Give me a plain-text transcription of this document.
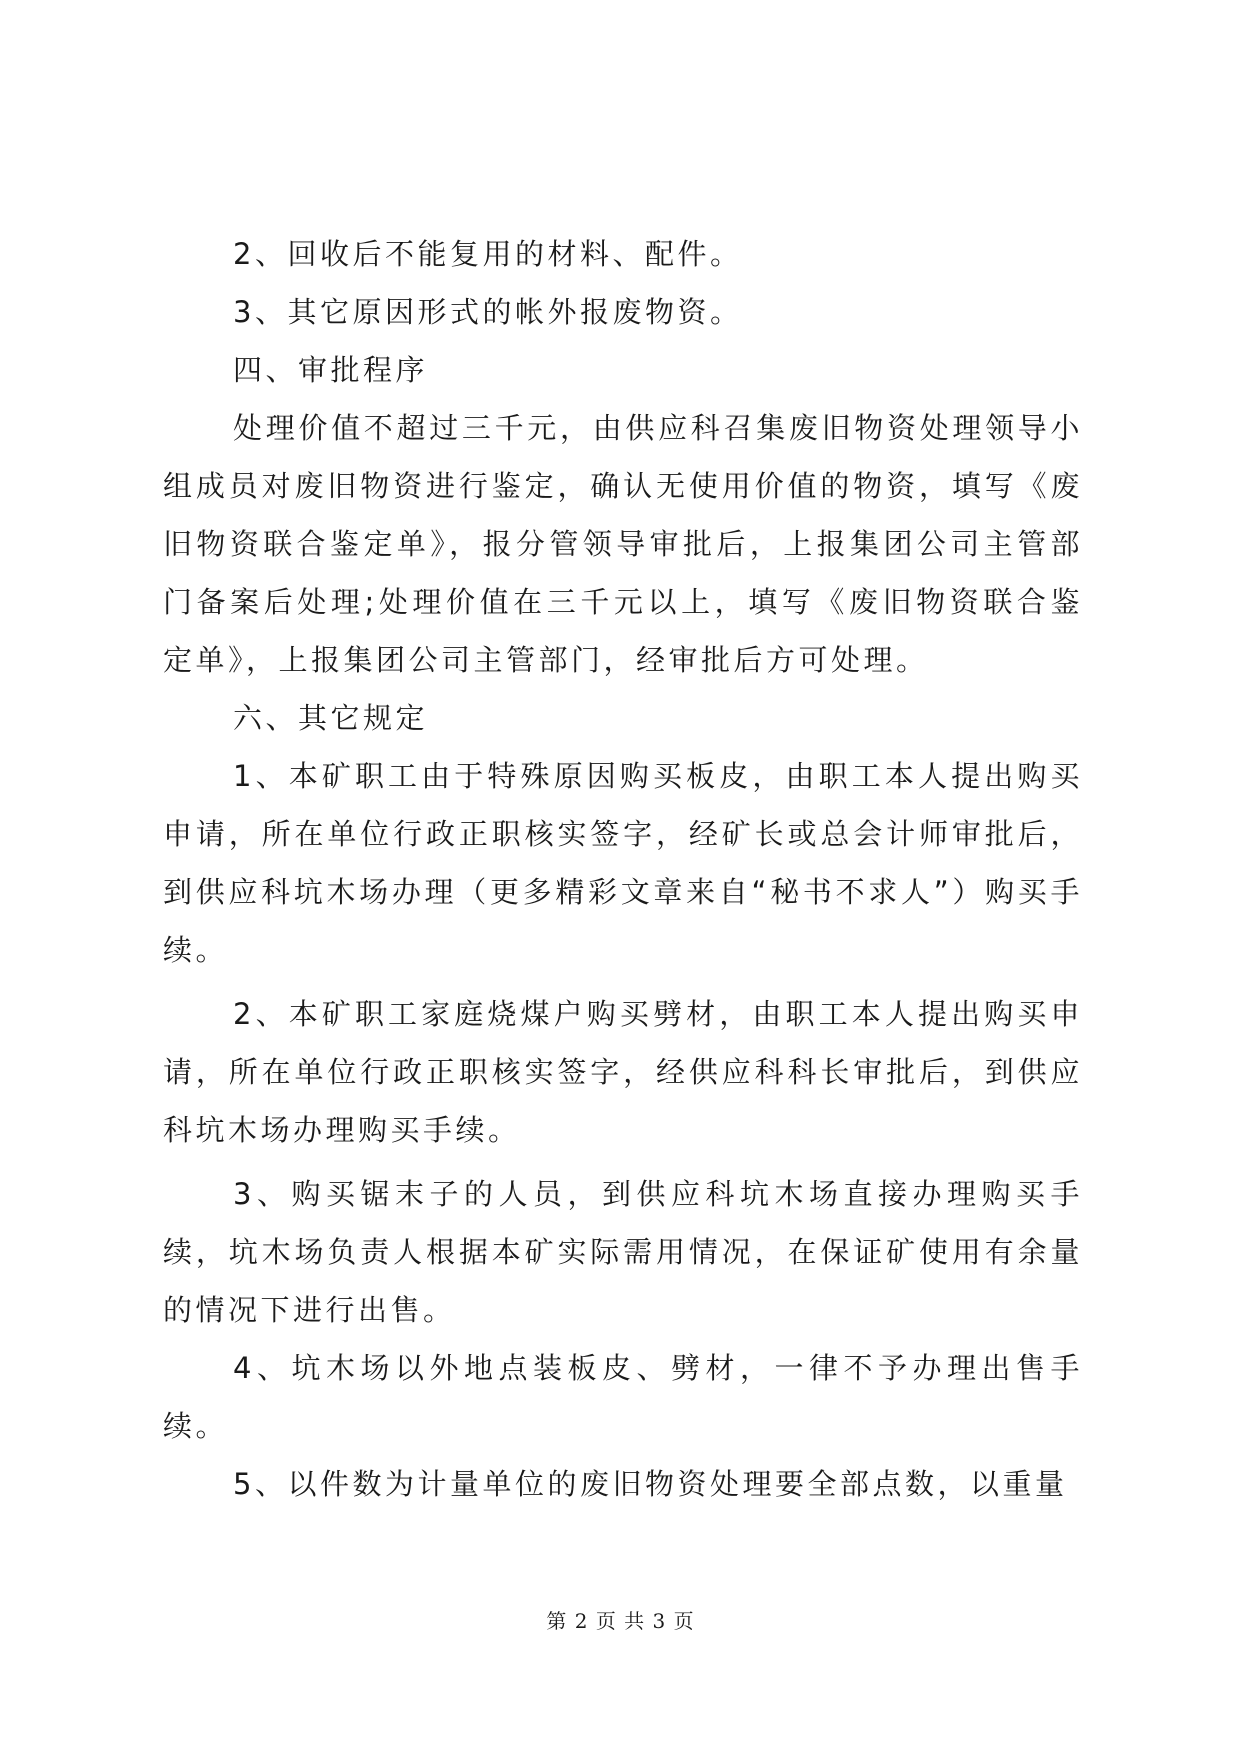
2、回收后不能复用的材料、配件。

3、其它原因形式的帐外报废物资。

四、审批程序

处理价值不超过三千元，由供应科召集废旧物资处理领导小组成员对废旧物资进行鉴定，确认无使用价值的物资，填写《废旧物资联合鉴定单》，报分管领导审批后，上报集团公司主管部门备案后处理;处理价值在三千元以上，填写《废旧物资联合鉴定单》，上报集团公司主管部门，经审批后方可处理。

六、其它规定

1、本矿职工由于特殊原因购买板皮，由职工本人提出购买申请，所在单位行政正职核实签字，经矿长或总会计师审批后，到供应科坑木场办理（更多精彩文章来自“秘书不求人”）购买手续。

2、本矿职工家庭烧煤户购买劈材，由职工本人提出购买申请，所在单位行政正职核实签字，经供应科科长审批后，到供应科坑木场办理购买手续。

3、购买锯末子的人员，到供应科坑木场直接办理购买手续，坑木场负责人根据本矿实际需用情况，在保证矿使用有余量的情况下进行出售。

4、坑木场以外地点装板皮、劈材，一律不予办理出售手续。

5、以件数为计量单位的废旧物资处理要全部点数，以重量

第 2 页 共 3 页
